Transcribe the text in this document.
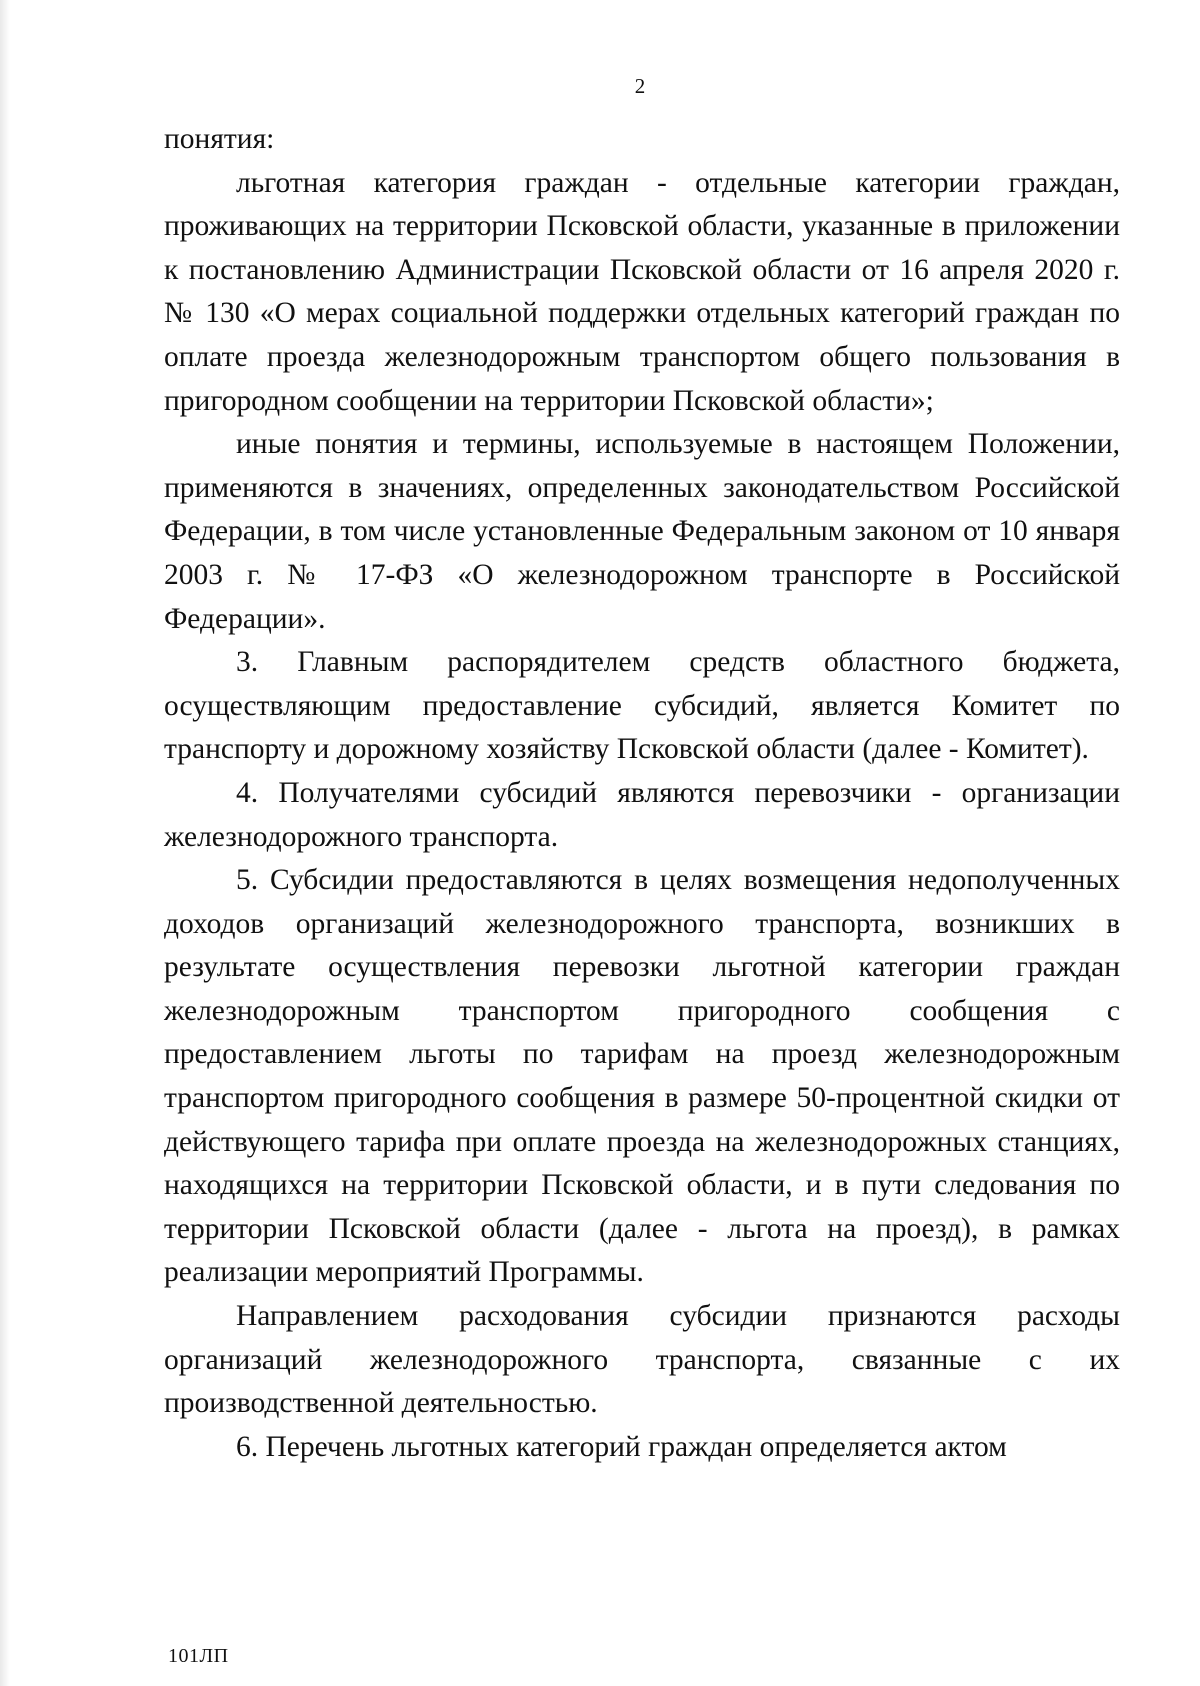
2

понятия:

льготная категория граждан - отдельные категории граждан, проживающих на территории Псковской области, указанные в приложении к постановлению Администрации Псковской области от 16 апреля 2020 г. № 130 «О мерах социальной поддержки отдельных категорий граждан по оплате проезда железнодорожным транспортом общего пользования в пригородном сообщении на территории Псковской области»;

иные понятия и термины, используемые в настоящем Положении, применяются в значениях, определенных законодательством Российской Федерации, в том числе установленные Федеральным законом от 10 января 2003 г. № 17-ФЗ «О железнодорожном транспорте в Российской Федерации».

3. Главным распорядителем средств областного бюджета, осуществляющим предоставление субсидий, является Комитет по транспорту и дорожному хозяйству Псковской области (далее - Комитет).

4. Получателями субсидий являются перевозчики - организации железнодорожного транспорта.

5. Субсидии предоставляются в целях возмещения недополученных доходов организаций железнодорожного транспорта, возникших в результате осуществления перевозки льготной категории граждан железнодорожным транспортом пригородного сообщения с предоставлением льготы по тарифам на проезд железнодорожным транспортом пригородного сообщения в размере 50-процентной скидки от действующего тарифа при оплате проезда на железнодорожных станциях, находящихся на территории Псковской области, и в пути следования по территории Псковской области (далее - льгота на проезд), в рамках реализации мероприятий Программы.

Направлением расходования субсидии признаются расходы организаций железнодорожного транспорта, связанные с их производственной деятельностью.

6. Перечень льготных категорий граждан определяется актом

101ЛП
